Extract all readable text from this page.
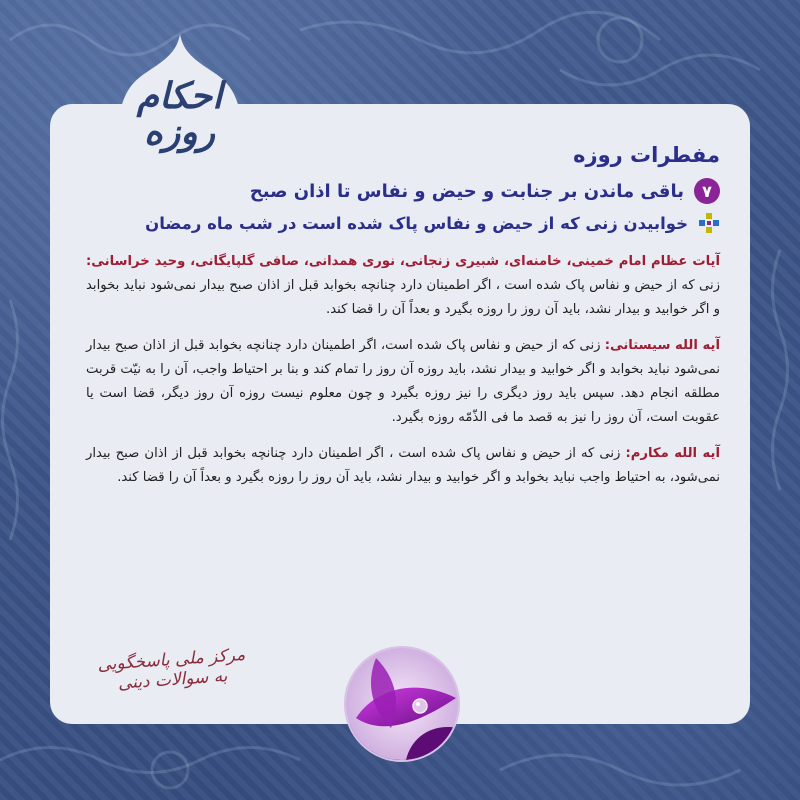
احکام روزه
مفطرات روزه
۷
باقی ماندن بر جنابت و حیض و نفاس تا اذان صبح
خوابیدن زنی که از حیض و نفاس پاک شده است در شب ماه رمضان

آیات عظام امام خمینی، خامنه‌ای، شبیری زنجانی، نوری همدانی، صافی گلپایگانی، وحید خراسانی: زنی که از حیض و نفاس پاک شده است ، اگر اطمینان دارد چنانچه بخوابد قبل از اذان صبح بیدار نمی‌شود نباید بخوابد و اگر خوابید و بیدار نشد، باید آن روز را روزه بگیرد و بعداً آن را قضا کند.

آیه الله سیستانی: زنی که از حیض و نفاس پاک شده است، اگر اطمینان دارد چنانچه بخوابد قبل از اذان صبح بیدار نمی‌شود نباید بخوابد و اگر خوابید و بیدار نشد، باید روزه آن روز را تمام کند و بنا بر احتیاط واجب، آن را به نیّت قربت مطلقه انجام دهد. سپس باید روز دیگری را نیز روزه بگیرد و چون معلوم نیست روزه آن روز دیگر، قضا است یا عقوبت است، آن روز را نیز به قصد ما فی الذّمّه روزه بگیرد.

آیه الله مکارم: زنی که از حیض و نفاس پاک شده است ، اگر اطمینان دارد چنانچه بخوابد قبل از اذان صبح بیدار نمی‌شود، به احتیاط واجب نباید بخوابد و اگر خوابید و بیدار نشد، باید آن روز را روزه بگیرد و بعداً آن را قضا کند.

مرکز ملی پاسخگویی به سوالات دینی
